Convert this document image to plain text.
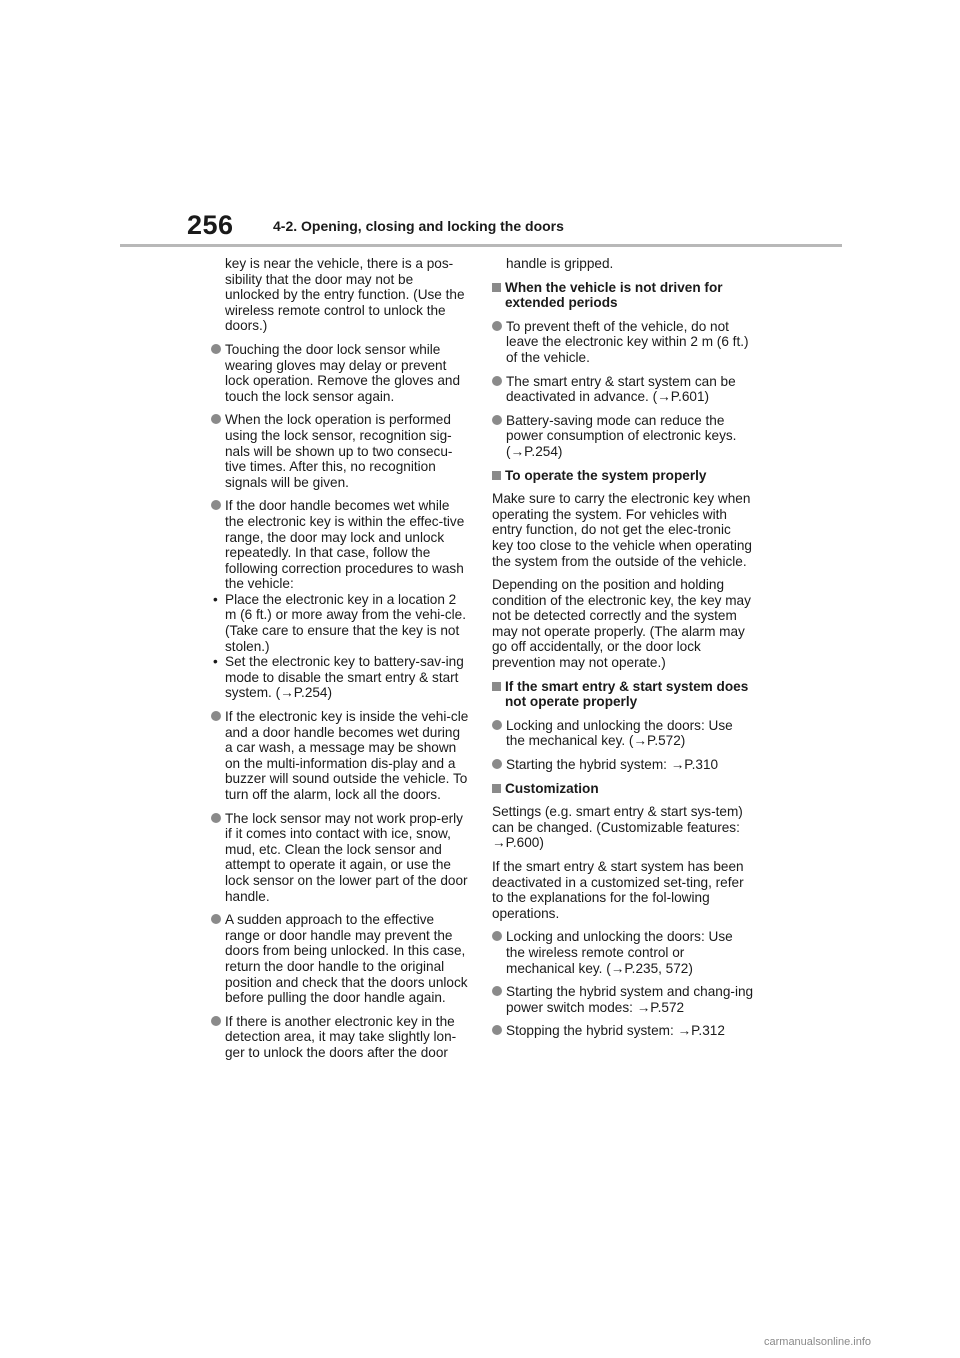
256	4-2. Opening, closing and locking the doors
key is near the vehicle, there is a pos-sibility that the door may not be unlocked by the entry function. (Use the wireless remote control to unlock the doors.)
Touching the door lock sensor while wearing gloves may delay or prevent lock operation. Remove the gloves and touch the lock sensor again.
When the lock operation is performed using the lock sensor, recognition sig-nals will be shown up to two consecu-tive times. After this, no recognition signals will be given.
If the door handle becomes wet while the electronic key is within the effec-tive range, the door may lock and unlock repeatedly. In that case, follow the following correction procedures to wash the vehicle:
• Place the electronic key in a location 2 m (6 ft.) or more away from the vehi-cle. (Take care to ensure that the key is not stolen.)
• Set the electronic key to battery-sav-ing mode to disable the smart entry & start system. (→P.254)
If the electronic key is inside the vehi-cle and a door handle becomes wet during a car wash, a message may be shown on the multi-information dis-play and a buzzer will sound outside the vehicle. To turn off the alarm, lock all the doors.
The lock sensor may not work prop-erly if it comes into contact with ice, snow, mud, etc. Clean the lock sensor and attempt to operate it again, or use the lock sensor on the lower part of the door handle.
A sudden approach to the effective range or door handle may prevent the doors from being unlocked. In this case, return the door handle to the original position and check that the doors unlock before pulling the door handle again.
If there is another electronic key in the detection area, it may take slightly lon-ger to unlock the doors after the door
handle is gripped.
When the vehicle is not driven for extended periods
To prevent theft of the vehicle, do not leave the electronic key within 2 m (6 ft.) of the vehicle.
The smart entry & start system can be deactivated in advance. (→P.601)
Battery-saving mode can reduce the power consumption of electronic keys. (→P.254)
To operate the system properly
Make sure to carry the electronic key when operating the system. For vehicles with entry function, do not get the elec-tronic key too close to the vehicle when operating the system from the outside of the vehicle.
Depending on the position and holding condition of the electronic key, the key may not be detected correctly and the system may not operate properly. (The alarm may go off accidentally, or the door lock prevention may not operate.)
If the smart entry & start system does not operate properly
Locking and unlocking the doors: Use the mechanical key. (→P.572)
Starting the hybrid system: →P.310
Customization
Settings (e.g. smart entry & start sys-tem) can be changed. (Customizable features: →P.600)
If the smart entry & start system has been deactivated in a customized set-ting, refer to the explanations for the fol-lowing operations.
Locking and unlocking the doors: Use the wireless remote control or mechanical key. (→P.235, 572)
Starting the hybrid system and chang-ing power switch modes: →P.572
Stopping the hybrid system: →P.312
carmanualsonline.info
